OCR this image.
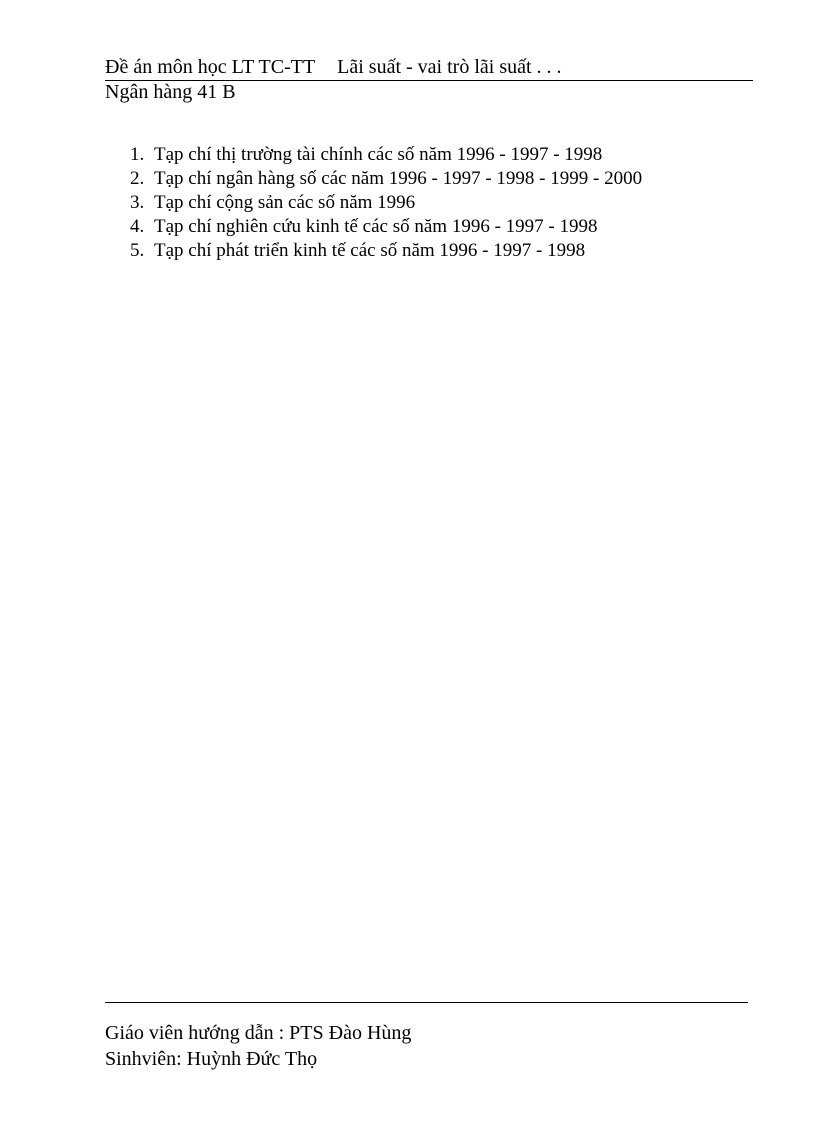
Đề án môn học LT TC-TT Lãi suất - vai trò lãi suất . . .
Ngân hàng 41 B
1. Tạp chí thị trường tài chính các số năm 1996 - 1997 - 1998
2. Tạp chí ngân hàng số các năm 1996 - 1997 - 1998 - 1999 - 2000
3. Tạp chí cộng sản các số năm 1996
4. Tạp chí nghiên cứu kinh tế các số năm 1996 - 1997 - 1998
5. Tạp chí phát triển kinh tế các số năm 1996 - 1997 - 1998
Giáo viên hướng dẫn : PTS Đào Hùng
Sinhviên: Huỳnh Đức Thọ
